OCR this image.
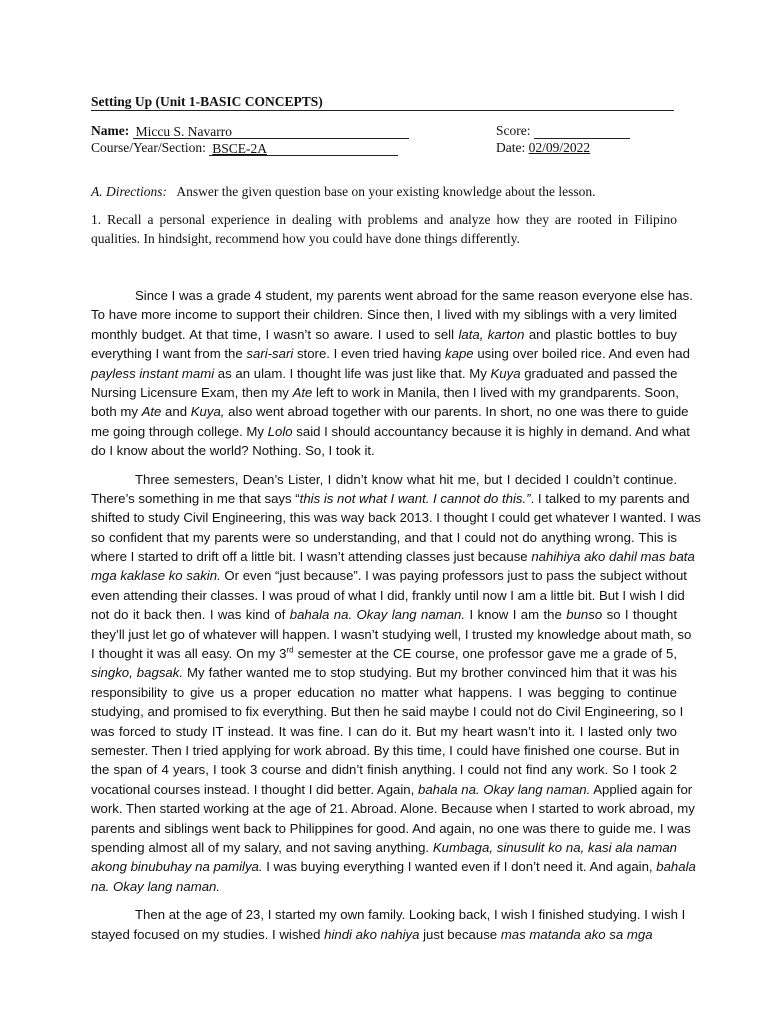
Setting Up (Unit 1-BASIC CONCEPTS)
Name: Miccu S. Navarro
Course/Year/Section: BSCE-2A
Score:
Date: 02/09/2022
A. Directions: Answer the given question base on your existing knowledge about the lesson.
1. Recall a personal experience in dealing with problems and analyze how they are rooted in Filipino qualities. In hindsight, recommend how you could have done things differently.
Since I was a grade 4 student, my parents went abroad for the same reason everyone else has.
To have more income to support their children. Since then, I lived with my siblings with a very limited
monthly budget. At that time, I wasn’t so aware. I used to sell lata, karton and plastic bottles to buy
everything I want from the sari-sari store. I even tried having kape using over boiled rice. And even had
payless instant mami as an ulam. I thought life was just like that. My Kuya graduated and passed the
Nursing Licensure Exam, then my Ate left to work in Manila, then I lived with my grandparents. Soon,
both my Ate and Kuya, also went abroad together with our parents. In short, no one was there to guide
me going through college. My Lolo said I should accountancy because it is highly in demand. And what
do I know about the world? Nothing. So, I took it.
Three semesters, Dean’s Lister, I didn’t know what hit me, but I decided I couldn’t continue.
There’s something in me that says “this is not what I want. I cannot do this.”. I talked to my parents and
shifted to study Civil Engineering, this was way back 2013. I thought I could get whatever I wanted. I was
so confident that my parents were so understanding, and that I could not do anything wrong. This is
where I started to drift off a little bit. I wasn’t attending classes just because nahihiya ako dahil mas bata
mga kaklase ko sakin. Or even “just because”. I was paying professors just to pass the subject without
even attending their classes. I was proud of what I did, frankly until now I am a little bit. But I wish I did
not do it back then. I was kind of bahala na. Okay lang naman. I know I am the bunso so I thought
they’ll just let go of whatever will happen. I wasn’t studying well, I trusted my knowledge about math, so
I thought it was all easy. On my 3rd semester at the CE course, one professor gave me a grade of 5,
singko, bagsak. My father wanted me to stop studying. But my brother convinced him that it was his
responsibility to give us a proper education no matter what happens. I was begging to continue
studying, and promised to fix everything. But then he said maybe I could not do Civil Engineering, so I
was forced to study IT instead. It was fine. I can do it. But my heart wasn’t into it. I lasted only two
semester. Then I tried applying for work abroad. By this time, I could have finished one course. But in
the span of 4 years, I took 3 course and didn’t finish anything. I could not find any work. So I took 2
vocational courses instead. I thought I did better. Again, bahala na. Okay lang naman. Applied again for
work. Then started working at the age of 21. Abroad. Alone. Because when I started to work abroad, my
parents and siblings went back to Philippines for good. And again, no one was there to guide me. I was
spending almost all of my salary, and not saving anything. Kumbaga, sinusulit ko na, kasi ala naman
akong binubuhay na pamilya. I was buying everything I wanted even if I don’t need it. And again, bahala
na. Okay lang naman.
Then at the age of 23, I started my own family. Looking back, I wish I finished studying. I wish I
stayed focused on my studies. I wished hindi ako nahiya just because mas matanda ako sa mga
